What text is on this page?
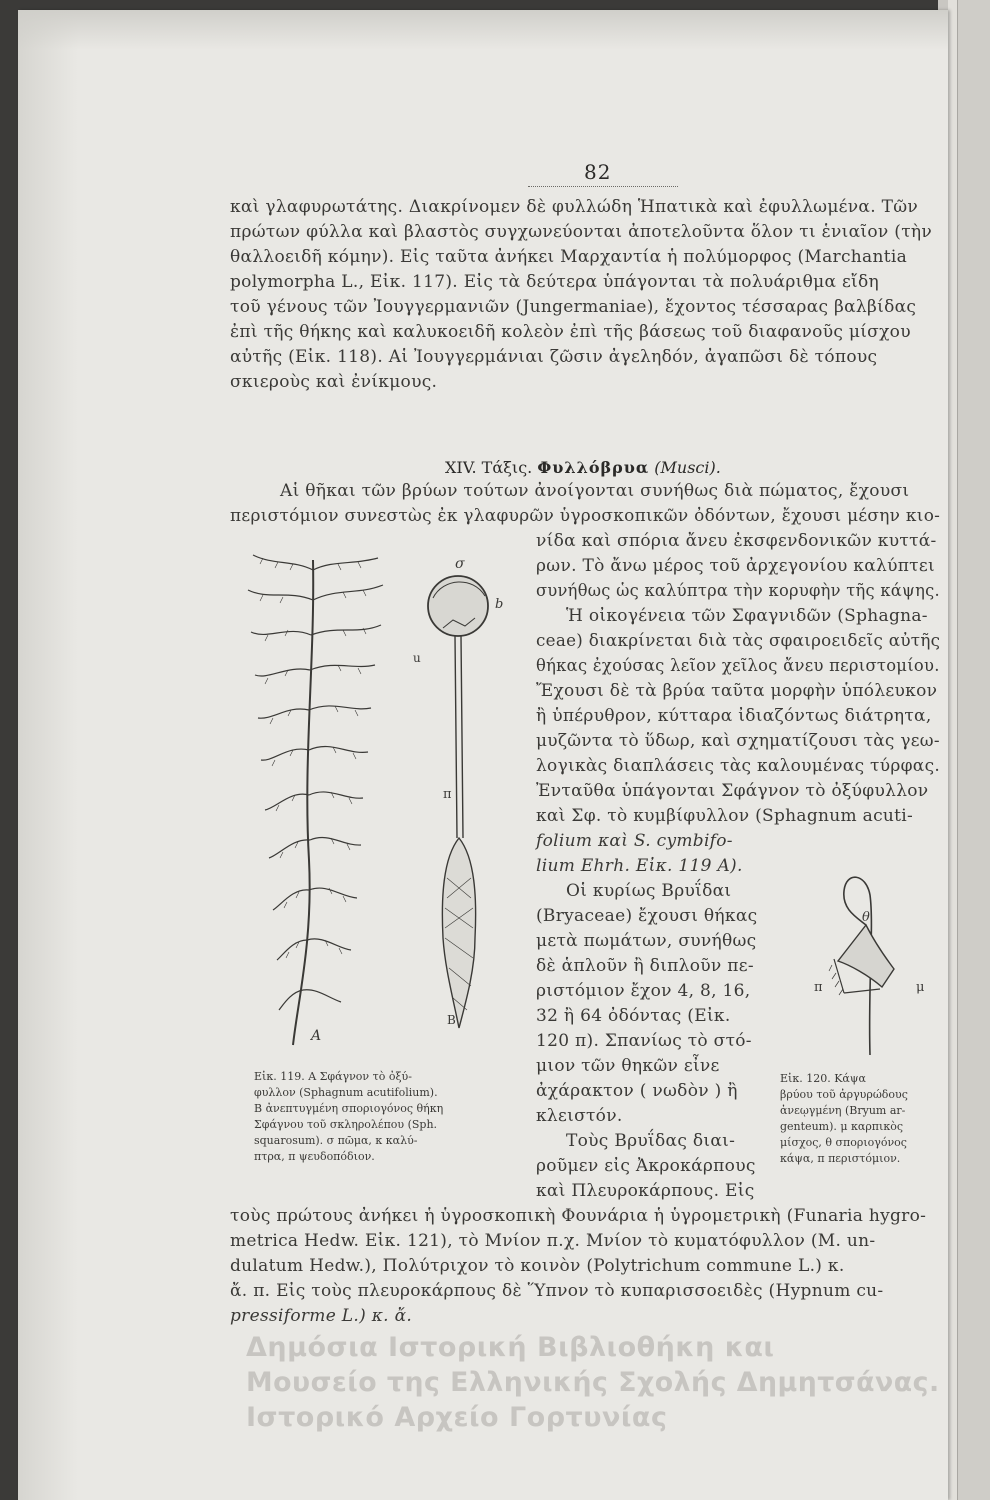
82
καὶ γλαφυρωτάτης. Διακρίνομεν δὲ φυλλώδη Ἡπατικὰ καὶ ἐφυλλωμένα. Τῶν
πρώτων φύλλα καὶ βλαστὸς συγχωνεύονται ἀποτελοῦντα ὅλον τι ἑνιαῖον (τὴν
θαλλοειδῆ κόμην). Εἰς ταῦτα ἀνήκει Μαρχαντία ἡ πολύμορφος (Marchantia
polymorpha L., Εἰκ. 117). Εἰς τὰ δεύτερα ὑπάγονται τὰ πολυάριθμα εἴδη
τοῦ γένους τῶν Ἰουγγερμανιῶν (Jungermaniae), ἔχοντος τέσσαρας βαλβίδας
ἐπὶ τῆς θήκης καὶ καλυκοειδῆ κολεὸν ἐπὶ τῆς βάσεως τοῦ διαφανοῦς μίσχου
αὐτῆς (Εἰκ. 118). Αἱ Ἰουγγερμάνιαι ζῶσιν ἀγεληδόν, ἀγαπῶσι δὲ τόπους
σκιεροὺς καὶ ἐνίκμους.
XIV. Τάξις. Φυλλόβρυα (Musci).
Αἱ θῆκαι τῶν βρύων τούτων ἀνοίγονται συνήθως διὰ πώματος, ἔχουσι
περιστόμιον συνεστὼς ἐκ γλαφυρῶν ὑγροσκοπικῶν ὀδόντων, ἔχουσι μέσην κιο-
νίδα καὶ σπόρια ἄνευ ἐκσφενδονικῶν κυττά-
ρων. Τὸ ἄνω μέρος τοῦ ἀρχεγονίου καλύπτει
συνήθως ὡς καλύπτρα τὴν κορυφὴν τῆς κάψης.
Ἡ οἰκογένεια τῶν Σφαγνιδῶν (Sphagna-
ceae) διακρίνεται διὰ τὰς σφαιροειδεῖς αὐτῆς
θήκας ἐχούσας λεῖον χεῖλος ἄνευ περιστομίου.
Ἔχουσι δὲ τὰ βρύα ταῦτα μορφὴν ὑπόλευκον
ἢ ὑπέρυθρον, κύτταρα ἰδιαζόντως διάτρητα,
μυζῶντα τὸ ὕδωρ, καὶ σχηματίζουσι τὰς γεω-
λογικὰς διαπλάσεις τὰς καλουμένας τύρφας.
Ἐνταῦθα ὑπάγονται Σφάγνον τὸ ὀξύφυλλον
καὶ Σφ. τὸ κυμβίφυλλον (Sphagnum acuti-
folium καὶ S. cymbifo-
lium Ehrh. Εἰκ. 119 A).
Οἱ κυρίως Βρυΐδαι
(Bryaceae) ἔχουσι θήκας
μετὰ πωμάτων, συνήθως
δὲ ἁπλοῦν ἢ διπλοῦν πε-
ριστόμιον ἔχον 4, 8, 16,
32 ἢ 64 ὀδόντας (Εἰκ.
120 π). Σπανίως τὸ στό-
μιον τῶν θηκῶν εἶνε
ἀχάρακτον ( νωδὸν ) ἢ
κλειστόν.
Τοὺς Βρυΐδας διαι-
ροῦμεν εἰς Ἀκροκάρπους
καὶ Πλευροκάρπους. Εἰς
τοὺς πρώτους ἀνήκει ἡ ὑγροσκοπικὴ Φουνάρια ἡ ὑγρομετρικὴ (Funaria hygro-
metrica Hedw. Εἰκ. 121), τὸ Μνίον π.χ. Μνίον τὸ κυματόφυλλον (M. un-
dulatum Hedw.), Πολύτριχον τὸ κοινὸν (Polytrichum commune L.) κ.
ἄ. π. Εἰς τοὺς πλευροκάρπους δὲ Ὕπνον τὸ κυπαρισσοειδὲς (Hypnum cu-
pressiforme L.) κ. ἄ.
Εἰκ. 119. A Σφάγνον τὸ ὀξύ-
φυλλον (Sphagnum acutifolium).
B ἀνεπτυγμένη σποριογόνος θήκη
Σφάγνου τοῦ σκληρολέπου (Sph.
squarosum). σ πῶμα, κ καλύ-
πτρα, π ψευδοπόδιον.
Εἰκ. 120. Κάψα
βρύου τοῦ ἀργυρώδους
ἀνεῳγμένη (Bryum ar-
genteum). μ καρπικὸς
μίσχος, θ σποριογόνος
κάψα, π περιστόμιον.
A
σ
b
u
π
B
θ
π	μ
Δημόσια Ιστορική Βιβλιοθήκη και
Μουσείο της Ελληνικής Σχολής Δημητσάνας.
Ιστορικό Αρχείο Γορτυνίας
